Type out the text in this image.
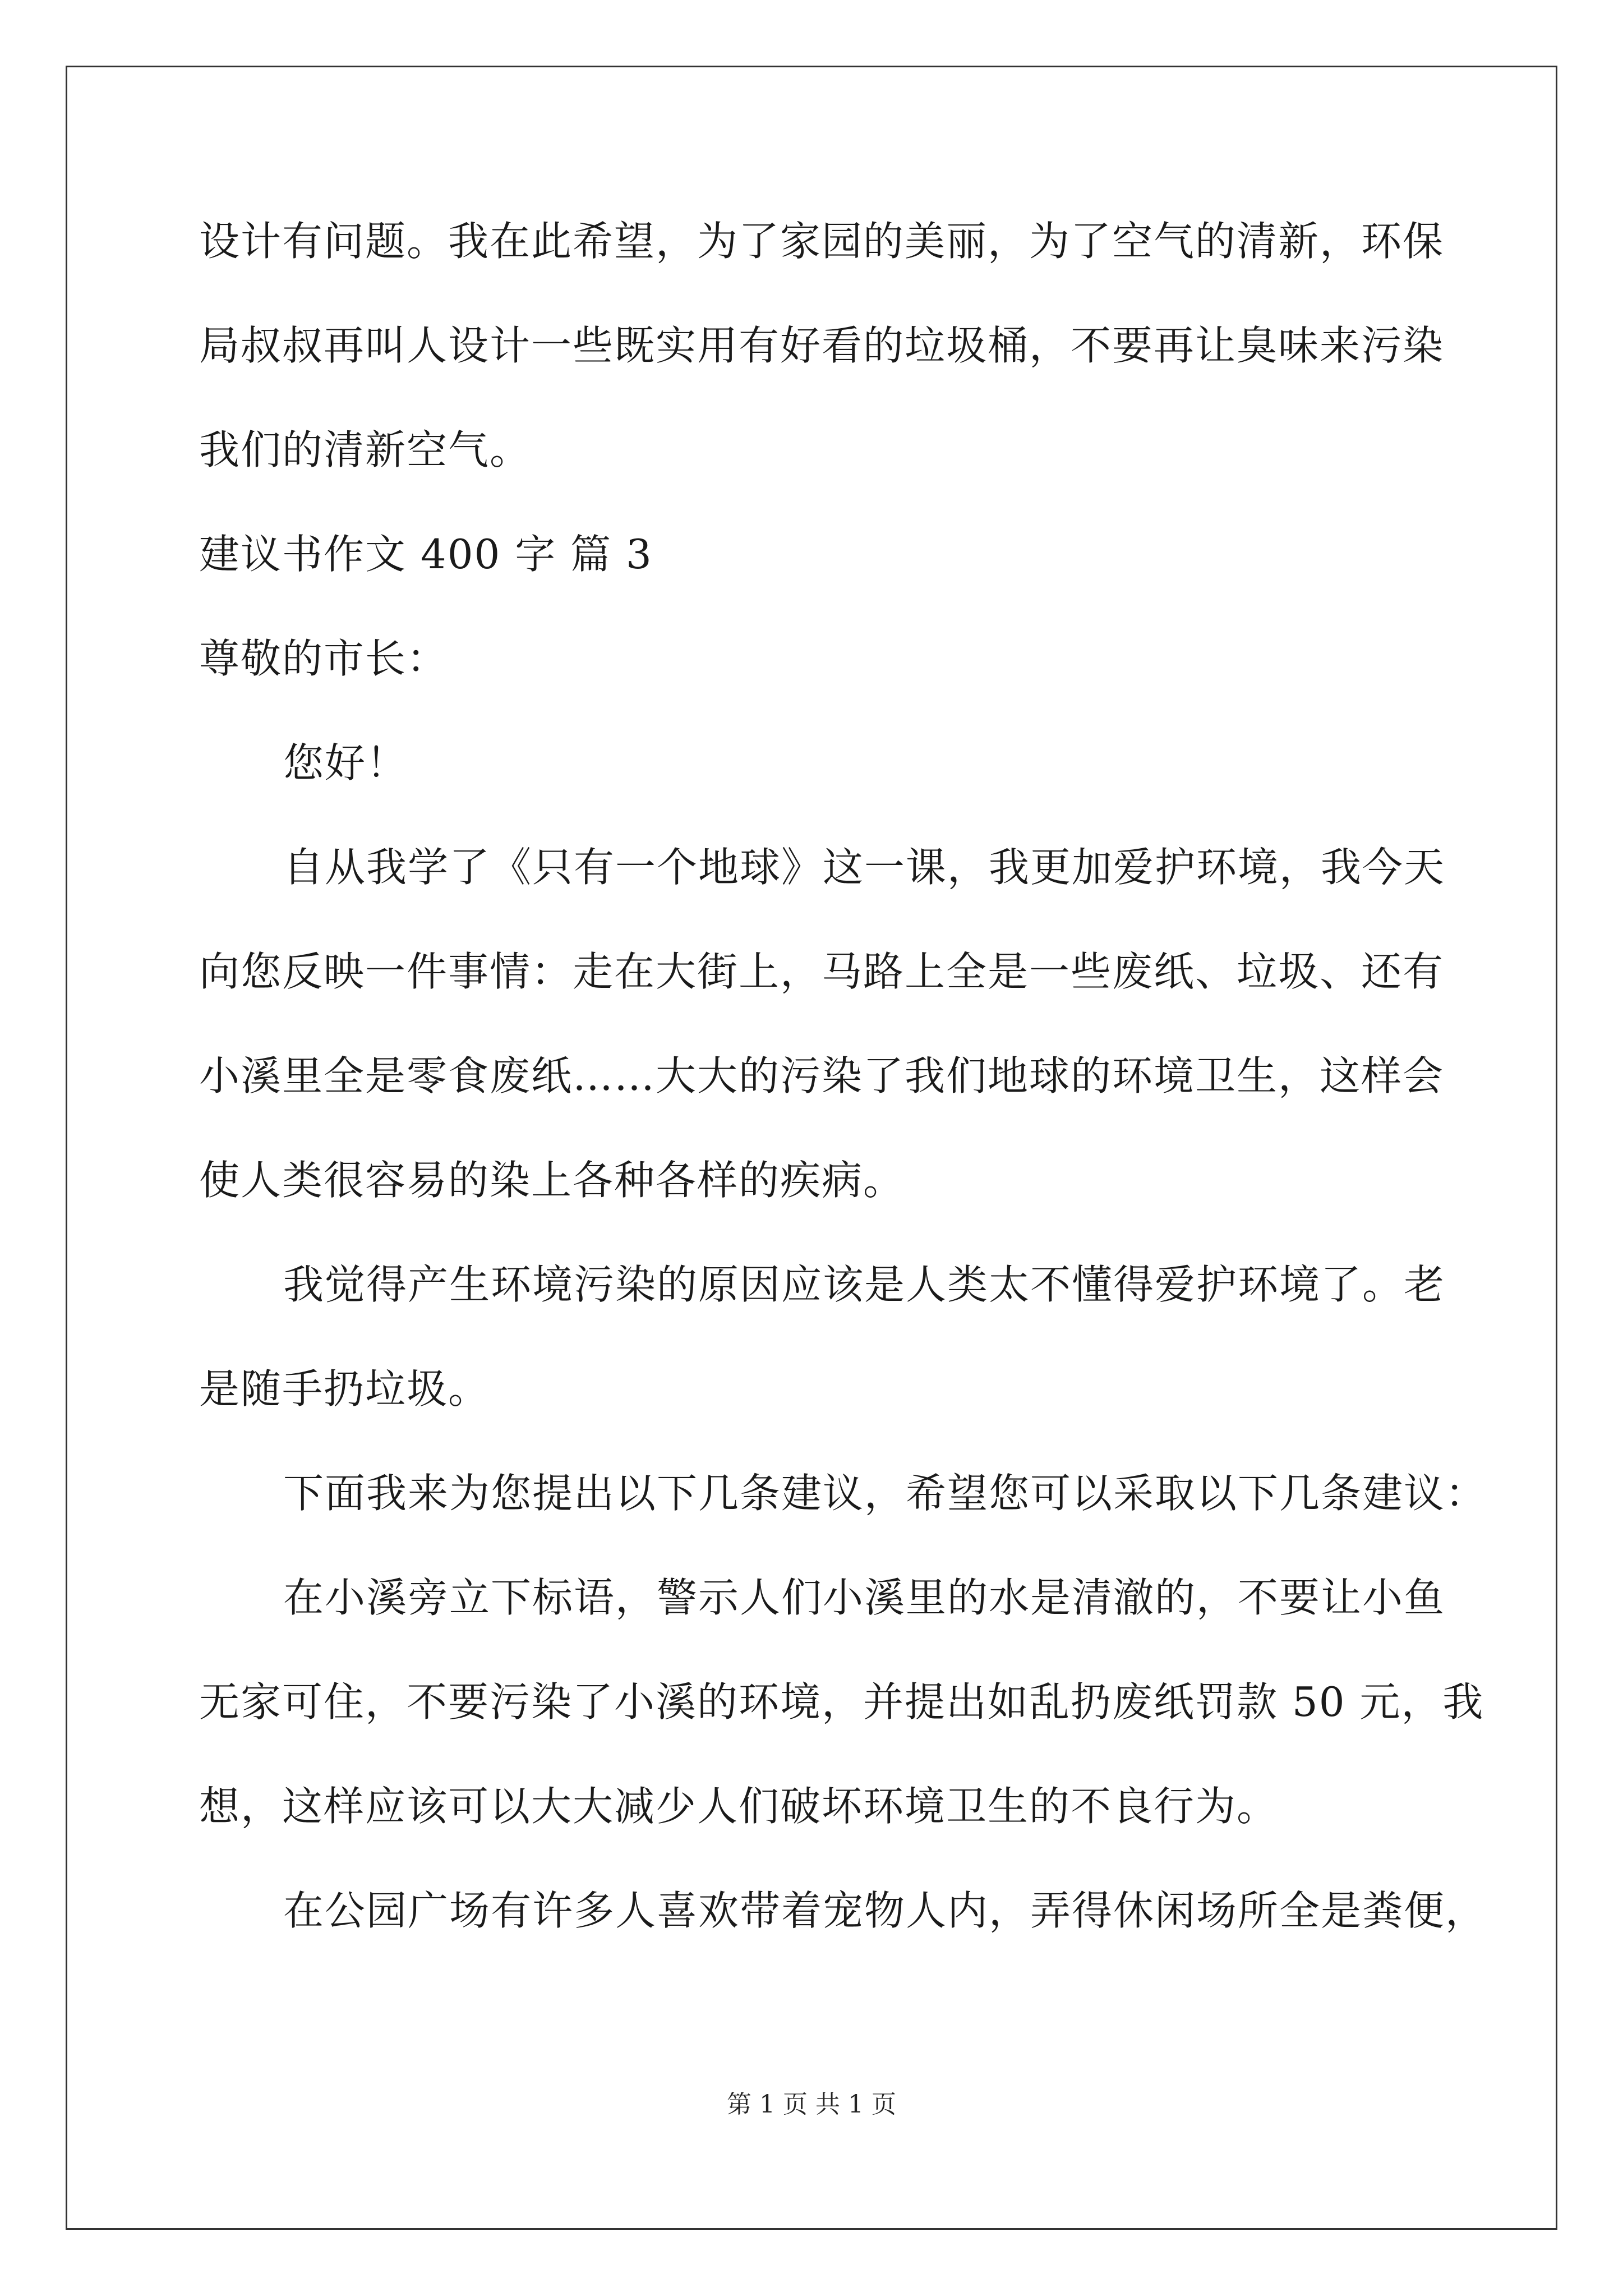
设计有问题。我在此希望，为了家园的美丽，为了空气的清新，环保
局叔叔再叫人设计一些既实用有好看的垃圾桶，不要再让臭味来污染
我们的清新空气。
建议书作文 400 字 篇 3
尊敬的市长：
您好！
自从我学了《只有一个地球》这一课，我更加爱护环境，我今天
向您反映一件事情：走在大街上，马路上全是一些废纸、垃圾、还有
小溪里全是零食废纸……大大的污染了我们地球的环境卫生，这样会
使人类很容易的染上各种各样的疾病。
我觉得产生环境污染的原因应该是人类太不懂得爱护环境了。老
是随手扔垃圾。
下面我来为您提出以下几条建议，希望您可以采取以下几条建议：
在小溪旁立下标语，警示人们小溪里的水是清澈的，不要让小鱼
无家可住，不要污染了小溪的环境，并提出如乱扔废纸罚款 50 元，我
想，这样应该可以大大减少人们破坏环境卫生的不良行为。
在公园广场有许多人喜欢带着宠物人内，弄得休闲场所全是粪便，
第 1 页 共 1 页
